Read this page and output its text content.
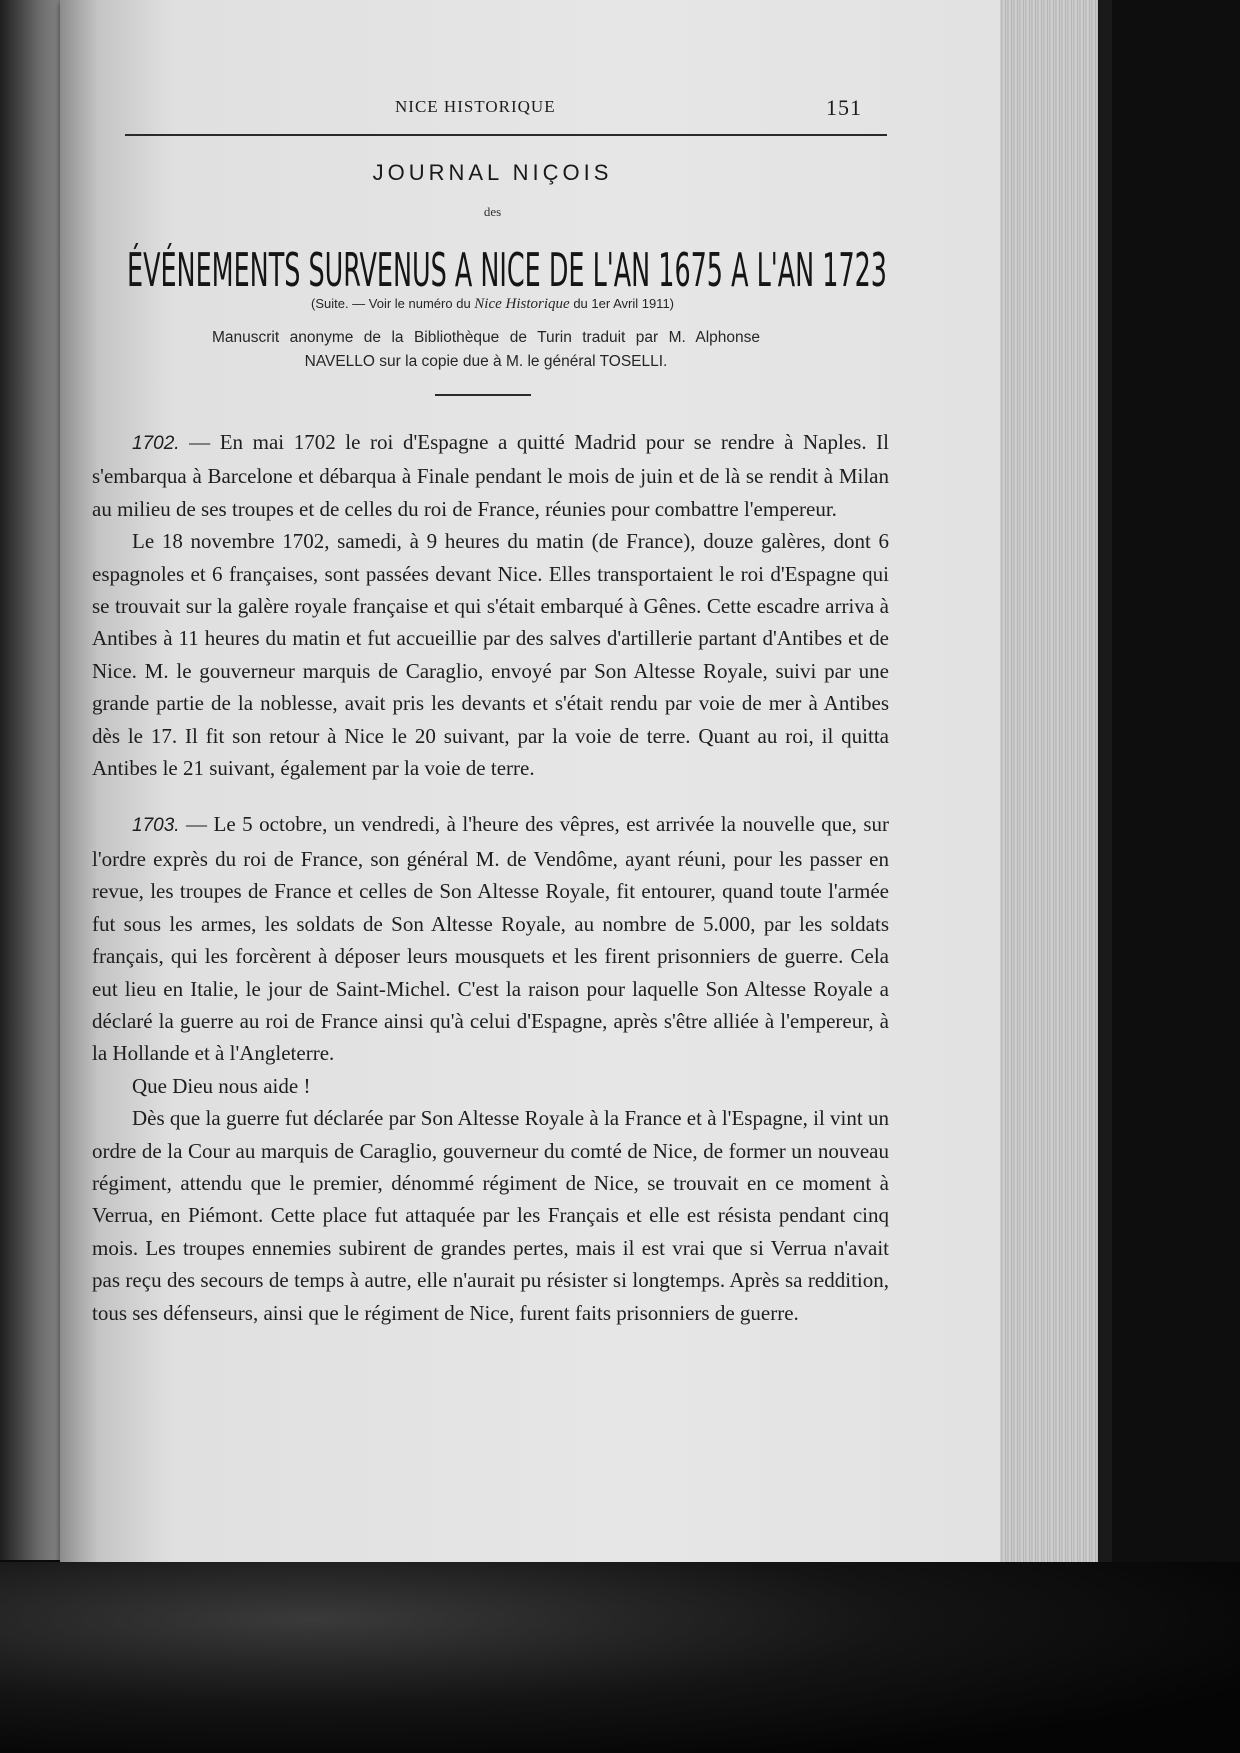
NICE HISTORIQUE	151
JOURNAL NIÇOIS
des
ÉVÉNEMENTS SURVENUS A NICE DE L'AN 1675 A L'AN 1723
(Suite. — Voir le numéro du Nice Historique du 1er Avril 1911)
Manuscrit anonyme de la Bibliothèque de Turin traduit par M. Alphonse NAVELLO sur la copie due à M. le général TOSELLI.

1702. — En mai 1702 le roi d'Espagne a quitté Madrid pour se rendre à Naples. Il s'embarqua à Barcelone et débarqua à Finale pendant le mois de juin et de là se rendit à Milan au milieu de ses troupes et de celles du roi de France, réunies pour combattre l'empereur.

Le 18 novembre 1702, samedi, à 9 heures du matin (de France), douze galères, dont 6 espagnoles et 6 françaises, sont passées devant Nice. Elles transportaient le roi d'Espagne qui se trouvait sur la galère royale française et qui s'était embarqué à Gênes. Cette escadre arriva à Antibes à 11 heures du matin et fut accueillie par des salves d'artillerie partant d'Antibes et de Nice. M. le gouverneur marquis de Caraglio, envoyé par Son Altesse Royale, suivi par une grande partie de la noblesse, avait pris les devants et s'était rendu par voie de mer à Antibes dès le 17. Il fit son retour à Nice le 20 suivant, par la voie de terre. Quant au roi, il quitta Antibes le 21 suivant, également par la voie de terre.

1703. — Le 5 octobre, un vendredi, à l'heure des vêpres, est arrivée la nouvelle que, sur l'ordre exprès du roi de France, son général M. de Vendôme, ayant réuni, pour les passer en revue, les troupes de France et celles de Son Altesse Royale, fit entourer, quand toute l'armée fut sous les armes, les soldats de Son Altesse Royale, au nombre de 5.000, par les soldats français, qui les forcèrent à déposer leurs mousquets et les firent prisonniers de guerre. Cela eut lieu en Italie, le jour de Saint-Michel. C'est la raison pour laquelle Son Altesse Royale a déclaré la guerre au roi de France ainsi qu'à celui d'Espagne, après s'être alliée à l'empereur, à la Hollande et à l'Angleterre.

Que Dieu nous aide !

Dès que la guerre fut déclarée par Son Altesse Royale à la France et à l'Espagne, il vint un ordre de la Cour au marquis de Caraglio, gouverneur du comté de Nice, de former un nouveau régiment, attendu que le premier, dénommé régiment de Nice, se trouvait en ce moment à Verrua, en Piémont. Cette place fut attaquée par les Français et elle est résista pendant cinq mois. Les troupes ennemies subirent de grandes pertes, mais il est vrai que si Verrua n'avait pas reçu des secours de temps à autre, elle n'aurait pu résister si longtemps. Après sa reddition, tous ses défenseurs, ainsi que le régiment de Nice, furent faits prisonniers de guerre.
